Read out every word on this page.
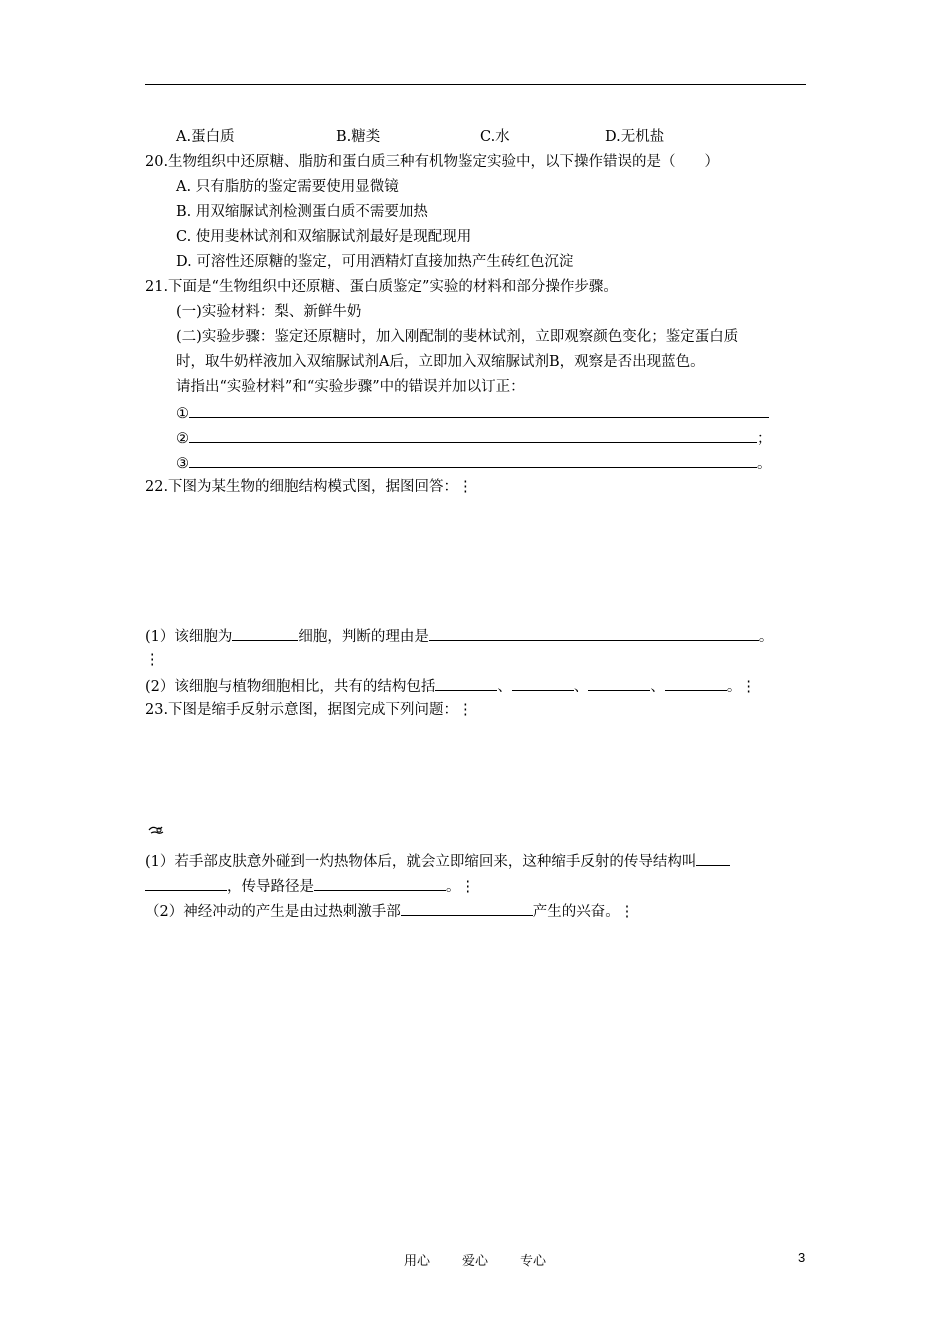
A.蛋白质	B.糖类	C.水	D.无机盐
20.生物组织中还原糖、脂肪和蛋白质三种有机物鉴定实验中，以下操作错误的是（　　）
A. 只有脂肪的鉴定需要使用显微镜
B. 用双缩脲试剂检测蛋白质不需要加热
C. 使用斐林试剂和双缩脲试剂最好是现配现用
D. 可溶性还原糖的鉴定，可用酒精灯直接加热产生砖红色沉淀
21.下面是“生物组织中还原糖、蛋白质鉴定”实验的材料和部分操作步骤。
(一)实验材料：梨、新鲜牛奶
(二)实验步骤：鉴定还原糖时，加入刚配制的斐林试剂，立即观察颜色变化；鉴定蛋白质
时，取牛奶样液加入双缩脲试剂A后，立即加入双缩脲试剂B，观察是否出现蓝色。
请指出“实验材料”和“实验步骤”中的错误并加以订正：
①
②	；
③	。
22.下图为某生物的细胞结构模式图，据图回答：⋮
(1）该细胞为	细胞，判断的理由是	。
⋮
(2）该细胞与植物细胞相比，共有的结构包括	、	、	、	。⋮
23.下图是缩手反射示意图，据图完成下列问题：⋮
(1）若手部皮肤意外碰到一灼热物体后，就会立即缩回来，这种缩手反射的传导结构叫
，传导路径是	。⋮
（2）神经冲动的产生是由过热刺激手部	产生的兴奋。⋮
用心 爱心 专心	3
